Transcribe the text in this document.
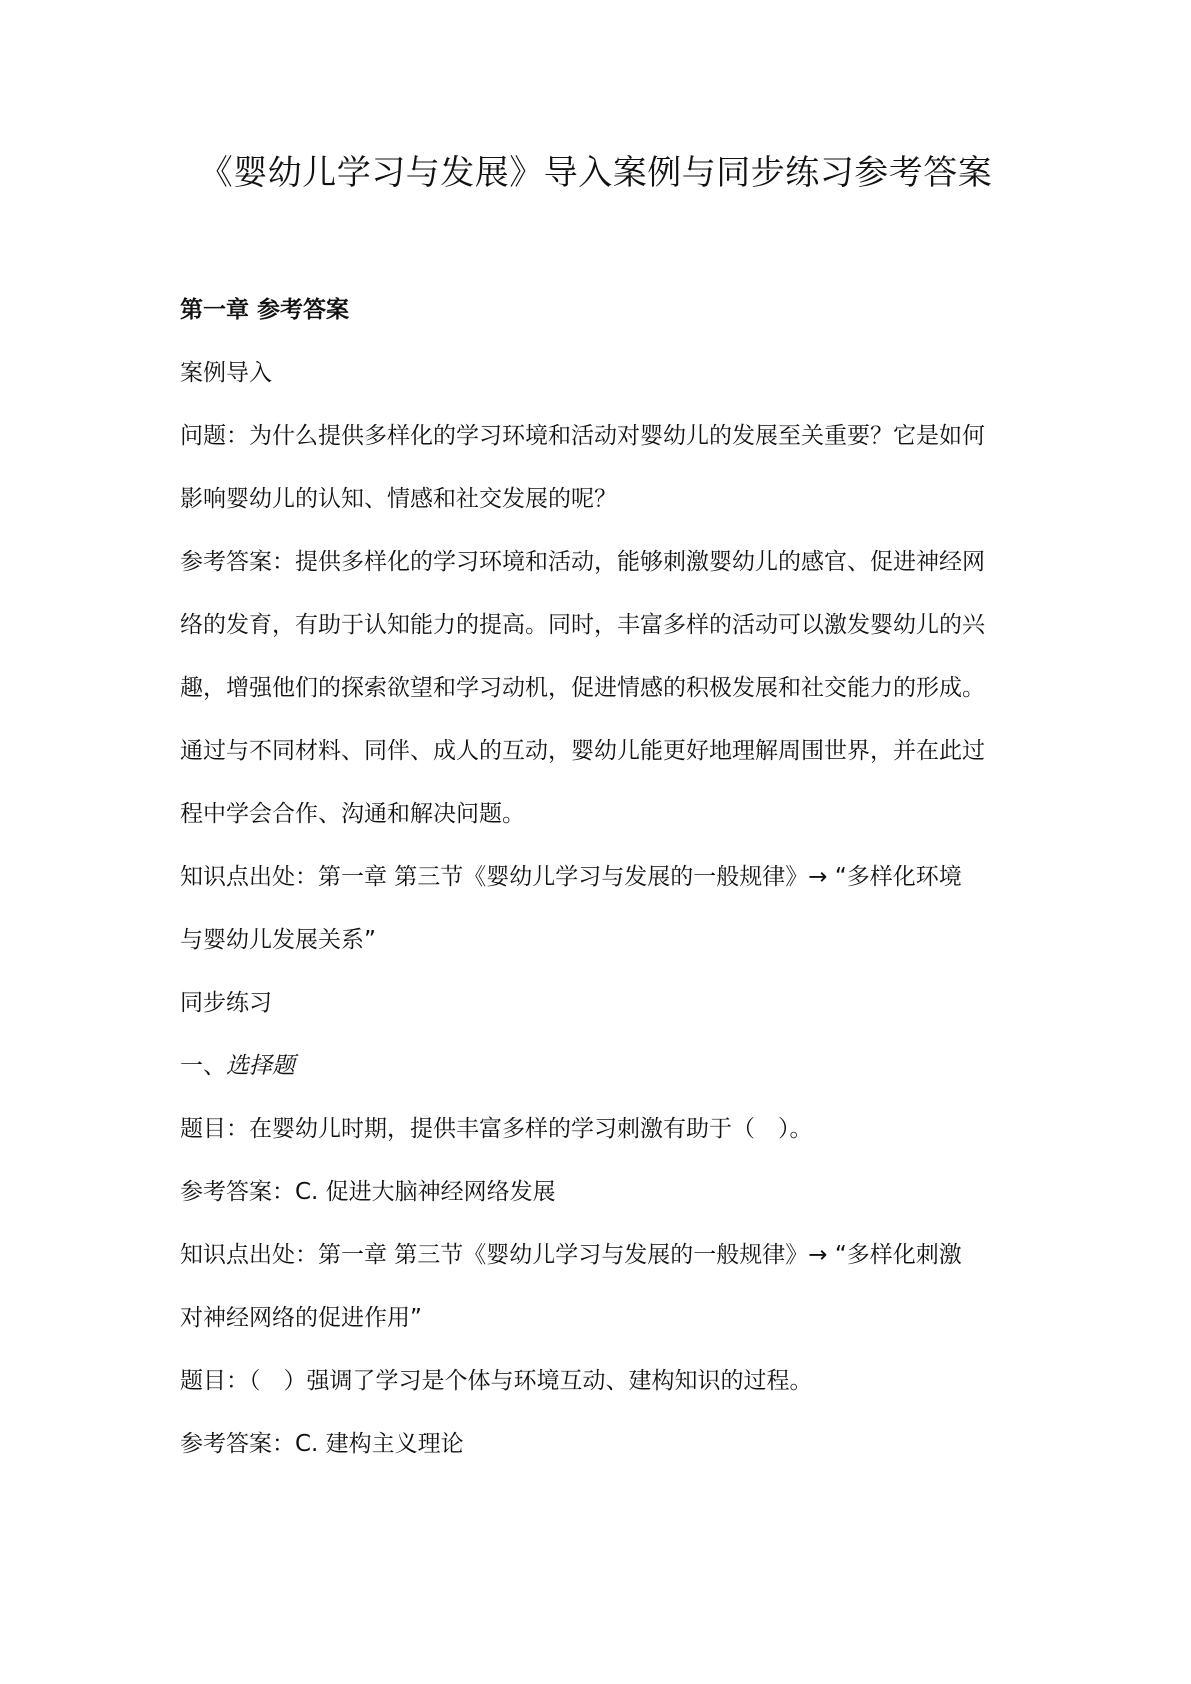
《婴幼儿学习与发展》导入案例与同步练习参考答案
第一章 参考答案
案例导入
问题：为什么提供多样化的学习环境和活动对婴幼儿的发展至关重要？它是如何
影响婴幼儿的认知、情感和社交发展的呢？
参考答案：提供多样化的学习环境和活动，能够刺激婴幼儿的感官、促进神经网
络的发育，有助于认知能力的提高。同时，丰富多样的活动可以激发婴幼儿的兴
趣，增强他们的探索欲望和学习动机，促进情感的积极发展和社交能力的形成。
通过与不同材料、同伴、成人的互动，婴幼儿能更好地理解周围世界，并在此过
程中学会合作、沟通和解决问题。
知识点出处：第一章 第三节《婴幼儿学习与发展的一般规律》→ “多样化环境
与婴幼儿发展关系”
同步练习
一、选择题
题目：在婴幼儿时期，提供丰富多样的学习刺激有助于（　）。
参考答案：C. 促进大脑神经网络发展
知识点出处：第一章 第三节《婴幼儿学习与发展的一般规律》→ “多样化刺激
对神经网络的促进作用”
题目：（　）强调了学习是个体与环境互动、建构知识的过程。
参考答案：C. 建构主义理论
